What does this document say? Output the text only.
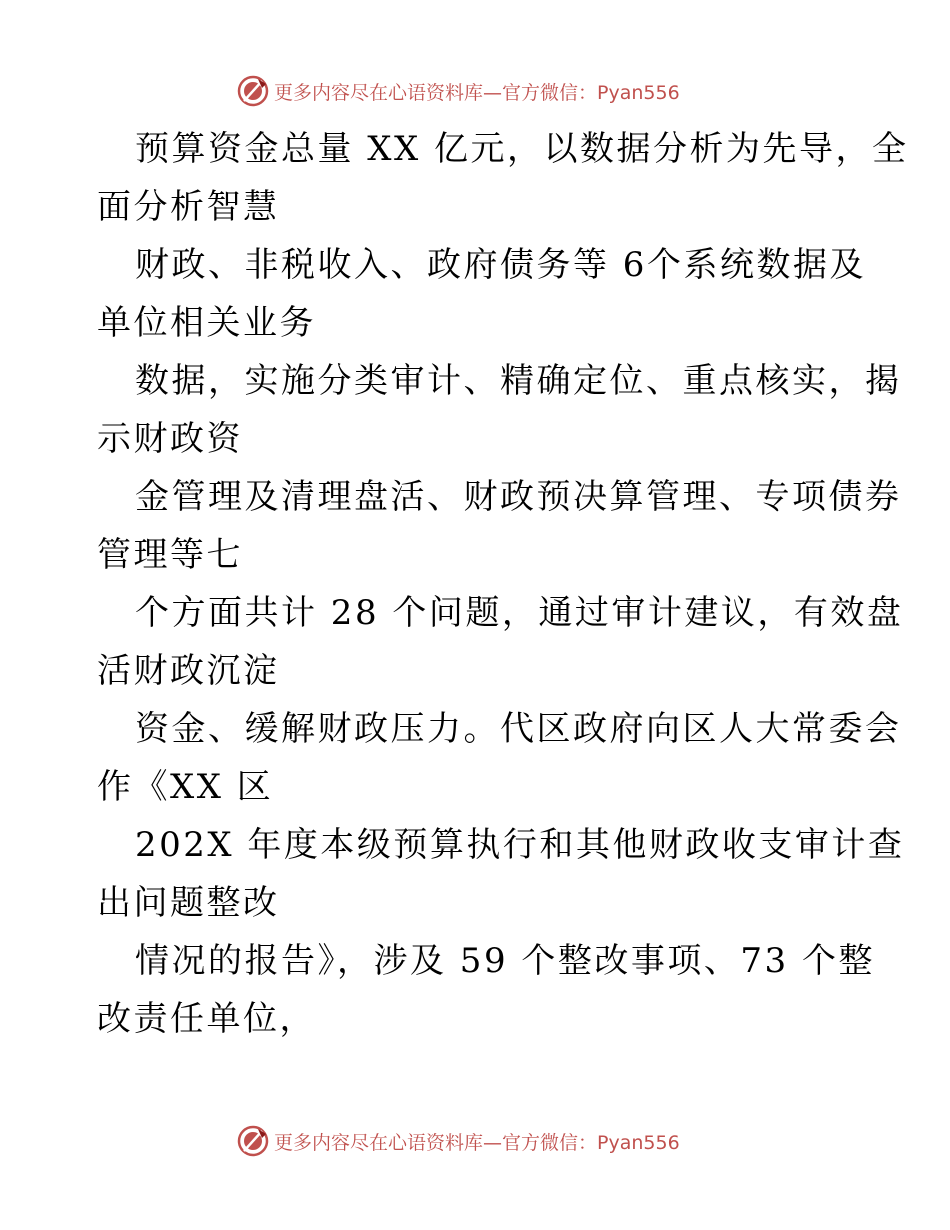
更多内容尽在心语资料库— 官方微信：Pyan556
预算资金总量 XX 亿元，以数据分析为先导，全
面分析智慧
财政、非税收入、政府债务等 6个系统数据及
单位相关业务
数据，实施分类审计、精确定位、重点核实，揭
示财政资
金管理及清理盘活、财政预决算管理、专项债券
管理等七
个方面共计 28 个问题，通过审计建议，有效盘
活财政沉淀
资金、缓解财政压力。代区政府向区人大常委会
作《XX 区
202X 年度本级预算执行和其他财政收支审计查
出问题整改
情况的报告》，涉及 59 个整改事项、73 个整
改责任单位，
更多内容尽在心语资料库— 官方微信：Pyan556
